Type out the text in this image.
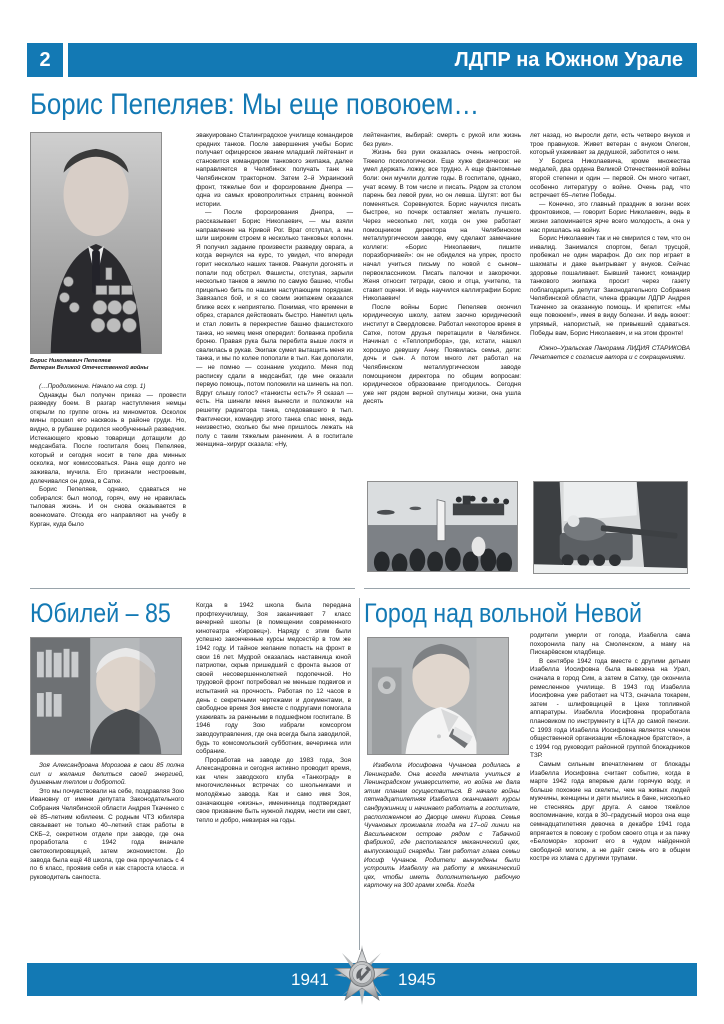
2	ЛДПР на Южном Урале
Борис Пепеляев: Мы еще повоюем…
Борис Николаевич Пепеляев
Ветеран Великой Отечественной войны

(…Продолжение. Начало на стр. 1)

Однажды был получен приказ — провести разведку боем. В разгар наступления немцы открыли по группе огонь из минометов. Осколок мины прошил его насквозь в районе груди. Но, видно, в рубашке родился необученный разведчик. Истекающего кровью товарищи дотащили до медсанбата. После госпиталя боец Пепеляев, который и сегодня носит в теле два минных осколка, мог комиссоваться. Рана еще долго не заживала, мучила. Его признали нестроевым, долечивался он дома, в Сатке.

Борис Пепеляев, однако, сдаваться не собирался: был молод, горяч, ему не нравилась тыловая жизнь. И он снова оказывается в военкомате. Отсюда его направляют на учебу в Курган, куда было

эвакуировано Сталинградское училище командиров средних танков. После завершения учебы Борис получает офицерское звание младший лейтенант и становится командиром танкового экипажа, далее направляется в Челябинск получать танк на Челябинском тракторном. Затем 2–й Украинский фронт, тяжелые бои и форсирование Днепра — одна из самых кровопролитных страниц военной истории.

— После форсирования Днепра, — рассказывает Борис Николаевич, — мы взяли направление на Кривой Рог. Враг отступал, а мы шли широким строем в несколько танковых колонн. Я получил задание произвести разведку оврага, а когда вернулся на курс, то увидел, что впереди горит несколько наших танков. Рванули догонять и попали под обстрел. Фашисты, отступая, зарыли несколько танков в землю по самую башню, чтобы прицельно бить по нашим наступающим порядкам. Завязался бой, и я со своим экипажем оказался ближе всех к неприятелю. Понимая, что времени в обрез, старался действовать быстро. Наметил цель и стал ловить в перекрестие башню фашистского танка, но немец меня опередил: болванка пробила броню. Правая рука была перебита выше локтя и свалилась в рукав. Экипаж сумел вытащить меня из танка, и мы по колее поползли в тыл. Как доползли, — не помню — сознание уходило. Меня под расписку сдали в медсанбат, где мне оказали первую помощь, потом положили на шинель на пол. Вдруг слышу голос? «танкисты есть?» Я сказал — есть. На шинели меня вынесли и положили на решетку радиатора танка, следовавшего в тыл. Фактически, командир этого танка спас меня, ведь неизвестно, сколько бы мне пришлось лежать на полу с таким тяжелым ранением. А в госпитале женщина–хирург сказала: «Ну,

лейтенантик, выбирай: смерть с рукой или жизнь без руки».

Жизнь без руки оказалась очень непростой. Тяжело психологически. Еще хуже физически: не умел держать ложку, все трудно. А еще фантомные боли: они мучили долгие годы. В госпитале, однако, учат всему. В том числе и писать. Рядом за столом парень без левой руки, но он левша. Шутят: вот бы поменяться. Соревнуются. Борис научился писать быстрее, но почерк оставляет желать лучшего. Через несколько лет, когда он уже работает помощником директора на Челябинском металлургическом заводе, ему сделают замечание коллеги: «Борис Николаевич, пишите поразборчивей»: он не обиделся на упрек, просто начал учиться письму по новой с сыном–первоклассником. Писать палочки и закорючки. Женя относит тетради, свою и отца, учителю, та ставит оценки. И ведь научился каллиграфии Борис Николаевич!

После войны Борис Пепеляев окончил юридическую школу, затем заочно юридический институт в Свердловске. Работал некоторое время в Сатке, потом друзья перетащили в Челябинск. Начинал с «Теплоприбора», где, кстати, нашел хорошую девушку Анну. Появилась семья, дети: дочь и сын. А потом много лет работал на Челябинском металлургическом заводе помощником директора по общим вопросам: юридическое образование пригодилось. Сегодня уже нет рядом верной спутницы жизни, она ушла десять

лет назад, но выросли дети, есть четверо внуков и трое правнуков. Живет ветеран с внуком Олегом, который ухаживает за дедушкой, заботится о нем.

У Бориса Николаевича, кроме множества медалей, два ордена Великой Отечественной войны второй степени и один — первой. Он много читает, особенно литературу о войне. Очень рад, что встречает 65–летие Победы.

— Конечно, это главный праздник в жизни всех фронтовиков, — говорит Борис Николаевич, ведь в жизни запоминается ярче всего молодость, а она у нас пришлась на войну.

Борис Николаевич так и не смирился с тем, что он инвалид. Занимался спортом, бегал трусцой, пробежал не один марафон. До сих пор играет в шахматы и даже выигрывает у внуков. Сейчас здоровье пошаливает. Бывший танкист, командир танкового экипажа просит через газету поблагодарить депутат Законодательного Собрания Челябинской области, члена фракции ЛДПР Андрея Ткаченко за оказанную помощь. И крепится: «Мы еще повоюем!», имея в виду болезни. И ведь воюет: упрямый, напористый, не привыкший сдаваться. Победы вам, Борис Николаевич, и на этом фронте!

Южно–Уральская Панорама ЛИДИЯ СТАРИКОВА Печатается с согласия автора и с сокращениями.

Юбилей – 85

Зоя Александровна Морозова в свои 85 полна сил и желания делиться своей энергией, душевным теплом и добротой.

Это мы почувствовали на себе, поздравляя Зою Ивановну от имени депутата Законодательного Собрания Челябинской области Андрея Ткаченко с её 85–летним юбилеем. С родным ЧТЗ юбиляра связывает не только 40–летний стаж работы в СКБ–2, секретном отделе при заводе, где она проработала с 1942 года вначале светокопировщицей, затем экономистом. До завода была ещё 48 школа, где она проучилась с 4 по 6 класс, проявив себя и как староста класса. и руководитель санпоста.

Когда в 1942 школа была передана профтехучилищу, Зоя заканчивает 7 класс вечерней школы (в помещении современного кинотеатра «Кировец»). Наряду с этим были успешно законченные курсы медсестёр в том же 1942 году. И тайное желание попасть на фронт в свои 16 лет. Мудрой оказалась наставница юной патриотки, скрыв пришедший с фронта вызов от своей несовершеннолетней подопечной. Но трудовой фронт потребовал не меньше подвигов и испытаний на прочность. Работая по 12 часов в день с секретными чертежами и документами, в свободное время Зоя вместе с подругами помогала ухаживать за ранеными в подшефном госпитале. В 1946 году Зою избрали комсоргом заводоуправления, где она всегда была заводилой, будь то комсомольский субботник, вечеринка или собрание.

Проработав на заводе до 1983 года, Зоя Александровна и сегодня активно проводит время, как член заводского клуба «Танкоград» в многочисленных встречах со школьниками и молодёжью завода. Как и само имя Зоя, означающее «жизнь», именинница подтверждает свое призвание быть нужной людям, нести им свет, тепло и добро, невзирая на годы.

Город над вольной Невой

Изабелла Иосифовна Чучанова родилась в Ленинграде. Она всегда мечтала учиться в Ленинградском университете, но война не дала этим планам осуществиться. В начале войны пятнадцатилетняя Изабелла оканчивает курсы сандружинниц и начинает работать в госпитале, расположенном во Дворце имени Кирова. Семья Чучановых проживала тогда на 17–ой линии на Васильевском острове рядом с Табачной фабрикой, где располагался механический цех, выпускающий снаряды. Там работал глава семьи Иосиф Чучанов. Родители вынуждены были устроить Изабеллу на работу в механический цех, чтобы иметь дополнительную рабочую карточку на 300 грамм хлеба. Когда

родители умерли от голода, Изабелла сама похоронила папу на Смоленском, а маму на Пискарёвском кладбище.

В сентябре 1942 года вместе с другими детьми Изабелла Иосифовна была вывезена на Урал, сначала в город Сим, а затем в Сатку, где окончила ремесленное училище. В 1943 год Изабелла Иосифовна уже работает на ЧТЗ, сначала токарем, затем - шлифовщицей в Цехе топливной аппаратуры. Изабелла Иосифовна проработала плановиком по инструменту в ЦТА до самой пенсии. С 1993 года Изабелла Иосифовна является членом общественной организации «Блокадное братство», а с 1994 год руководит районной группой блокадников ТЗР.

Самым сильным впечатлением от блокады Изабелла Иосифовна считает событие, когда в марте 1942 года впервые дали горячую воду, и больше похожие на скелеты, чем на живых людей мужчины, женщины и дети мылись в бане, нисколько не стесняясь друг друга. А самое тяжёлое воспоминание, когда в 30–градусный мороз она еще семнадцатилетняя девочка в декабре 1941 года впрягается в повозку с гробом своего отца и за пачку «Беломора» хоронит его в чудом найденной свободной могиле, а не дайт сжечь его в общем костре из хлама с другими трупами.

1941	1945
